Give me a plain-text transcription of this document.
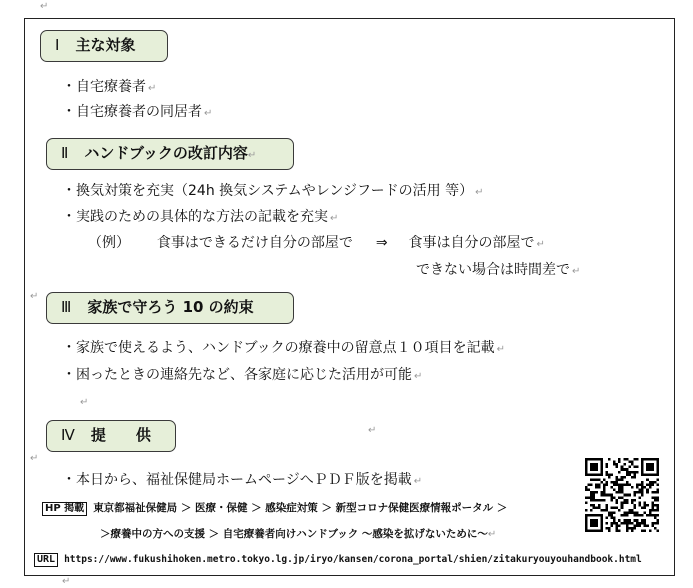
↵
Ⅰ 主な対象
・自宅療養者 ↵
・自宅療養者の同居者 ↵
Ⅱ ハンドブックの改訂内容↵
・換気対策を充実（24h 換気システムやレンジフードの活用 等） ↵
・実践のための具体的な方法の記載を充実 ↵
（例） 食事はできるだけ自分の部屋で ⇒ 食事は自分の部屋で ↵
できない場合は時間差で ↵
↵
Ⅲ 家族で守ろう 10 の約束
・家族で使えるよう、ハンドブックの療養中の留意点１０項目を記載 ↵
・困ったときの連絡先など、各家庭に応じた活用が可能 ↵
↵
↵
Ⅳ 提　　供
↵
・本日から、福祉保健局ホームページへＰＤＦ版を掲載 ↵
HP 掲載 東京都福祉保健局 ＞ 医療・保健 ＞ 感染症対策 ＞ 新型コロナ保健医療情報ポータル ＞
＞療養中の方への支援 ＞ 自宅療養者向けハンドブック 〜感染を拡げないために〜↵
URL https://www.fukushihoken.metro.tokyo.lg.jp/iryo/kansen/corona_portal/shien/zitakuryouyouhandbook.html
↵
